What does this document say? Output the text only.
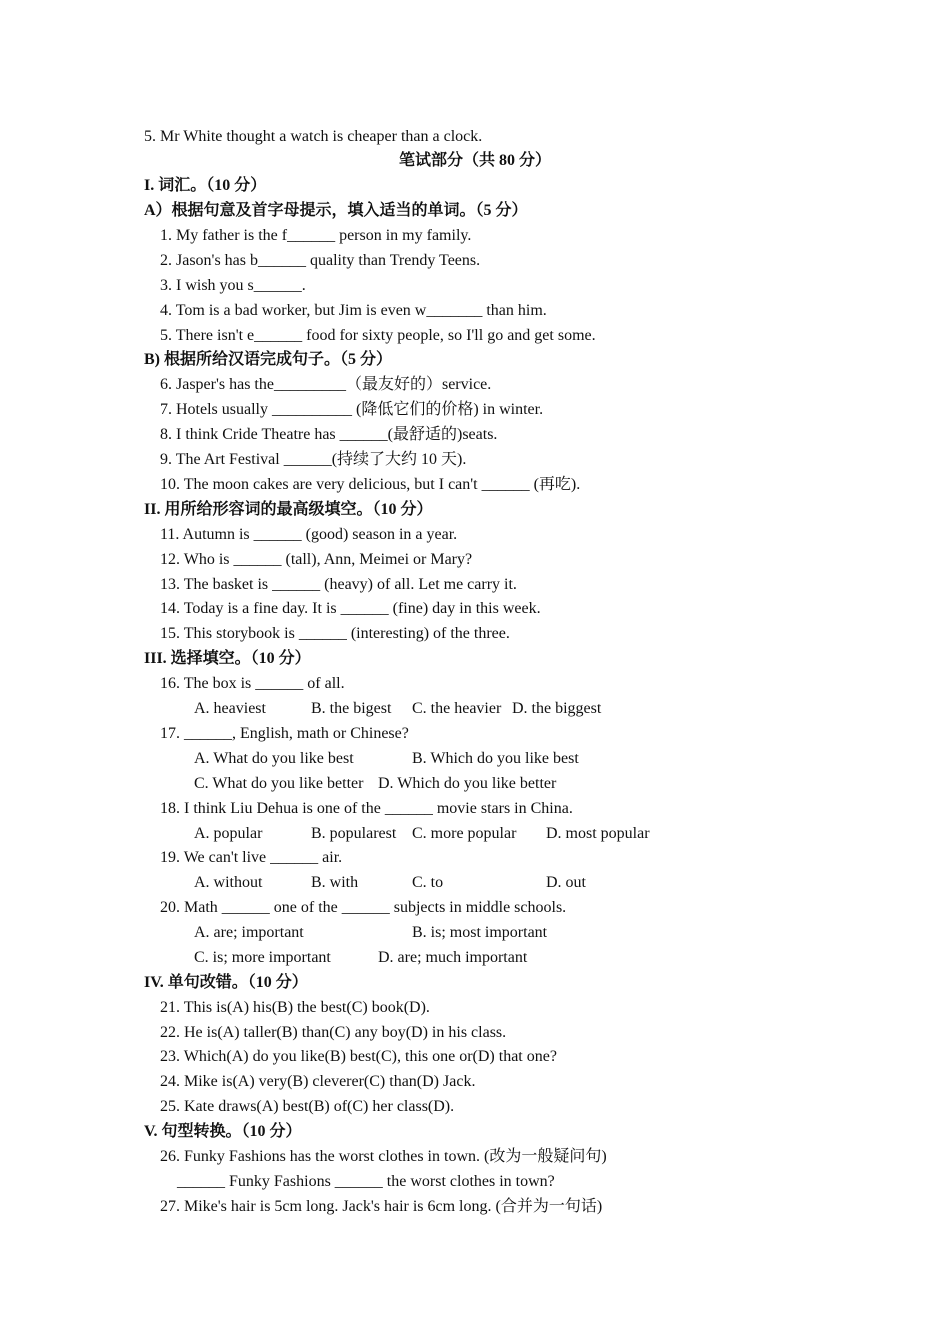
5. Mr White thought a watch is cheaper than a clock.
笔试部分（共 80 分）
I. 词汇。（10 分）
A）根据句意及首字母提示，填入适当的单词。（5 分）
1. My father is the f______ person in my family.
2. Jason's has b______ quality than Trendy Teens.
3. I wish you s______.
4. Tom is a bad worker, but Jim is even w_______ than him.
5. There isn't e______ food for sixty people, so I'll go and get some.
B) 根据所给汉语完成句子。（5 分）
6. Jasper's has the_________（最友好的）service.
7. Hotels usually __________ (降低它们的价格) in winter.
8. I think Cride Theatre has ______(最舒适的)seats.
9. The Art Festival ______(持续了大约 10 天).
10. The moon cakes are very delicious, but I can't ______ (再吃).
II. 用所给形容词的最高级填空。（10 分）
11. Autumn is ______ (good) season in a year.
12. Who is ______ (tall), Ann, Meimei or Mary?
13. The basket is ______ (heavy) of all. Let me carry it.
14. Today is a fine day. It is ______ (fine) day in this week.
15. This storybook is ______ (interesting) of the three.
III. 选择填空。（10 分）
16. The box is ______ of all.
A. heaviest	B. the bigest C. the heavier D. the biggest
17. ______, English, math or Chinese?
A. What do you like best	B. Which do you like best
C. What do you like better D. Which do you like better
18. I think Liu Dehua is one of the ______ movie stars in China.
A. popular	B. popularest C. more popular D. most popular
19. We can't live ______ air.
A. without	B. with	C. to	D. out
20. Math ______ one of the ______ subjects in middle schools.
A. are; important	B. is; most important
C. is; more important	D. are; much important
IV. 单句改错。（10 分）
21. This is(A) his(B) the best(C) book(D).
22. He is(A) taller(B) than(C) any boy(D) in his class.
23. Which(A) do you like(B) best(C), this one or(D) that one?
24. Mike is(A) very(B) cleverer(C) than(D) Jack.
25. Kate draws(A) best(B) of(C) her class(D).
V. 句型转换。（10 分）
26. Funky Fashions has the worst clothes in town. (改为一般疑问句)
______ Funky Fashions ______ the worst clothes in town?
27. Mike's hair is 5cm long. Jack's hair is 6cm long. (合并为一句话)
